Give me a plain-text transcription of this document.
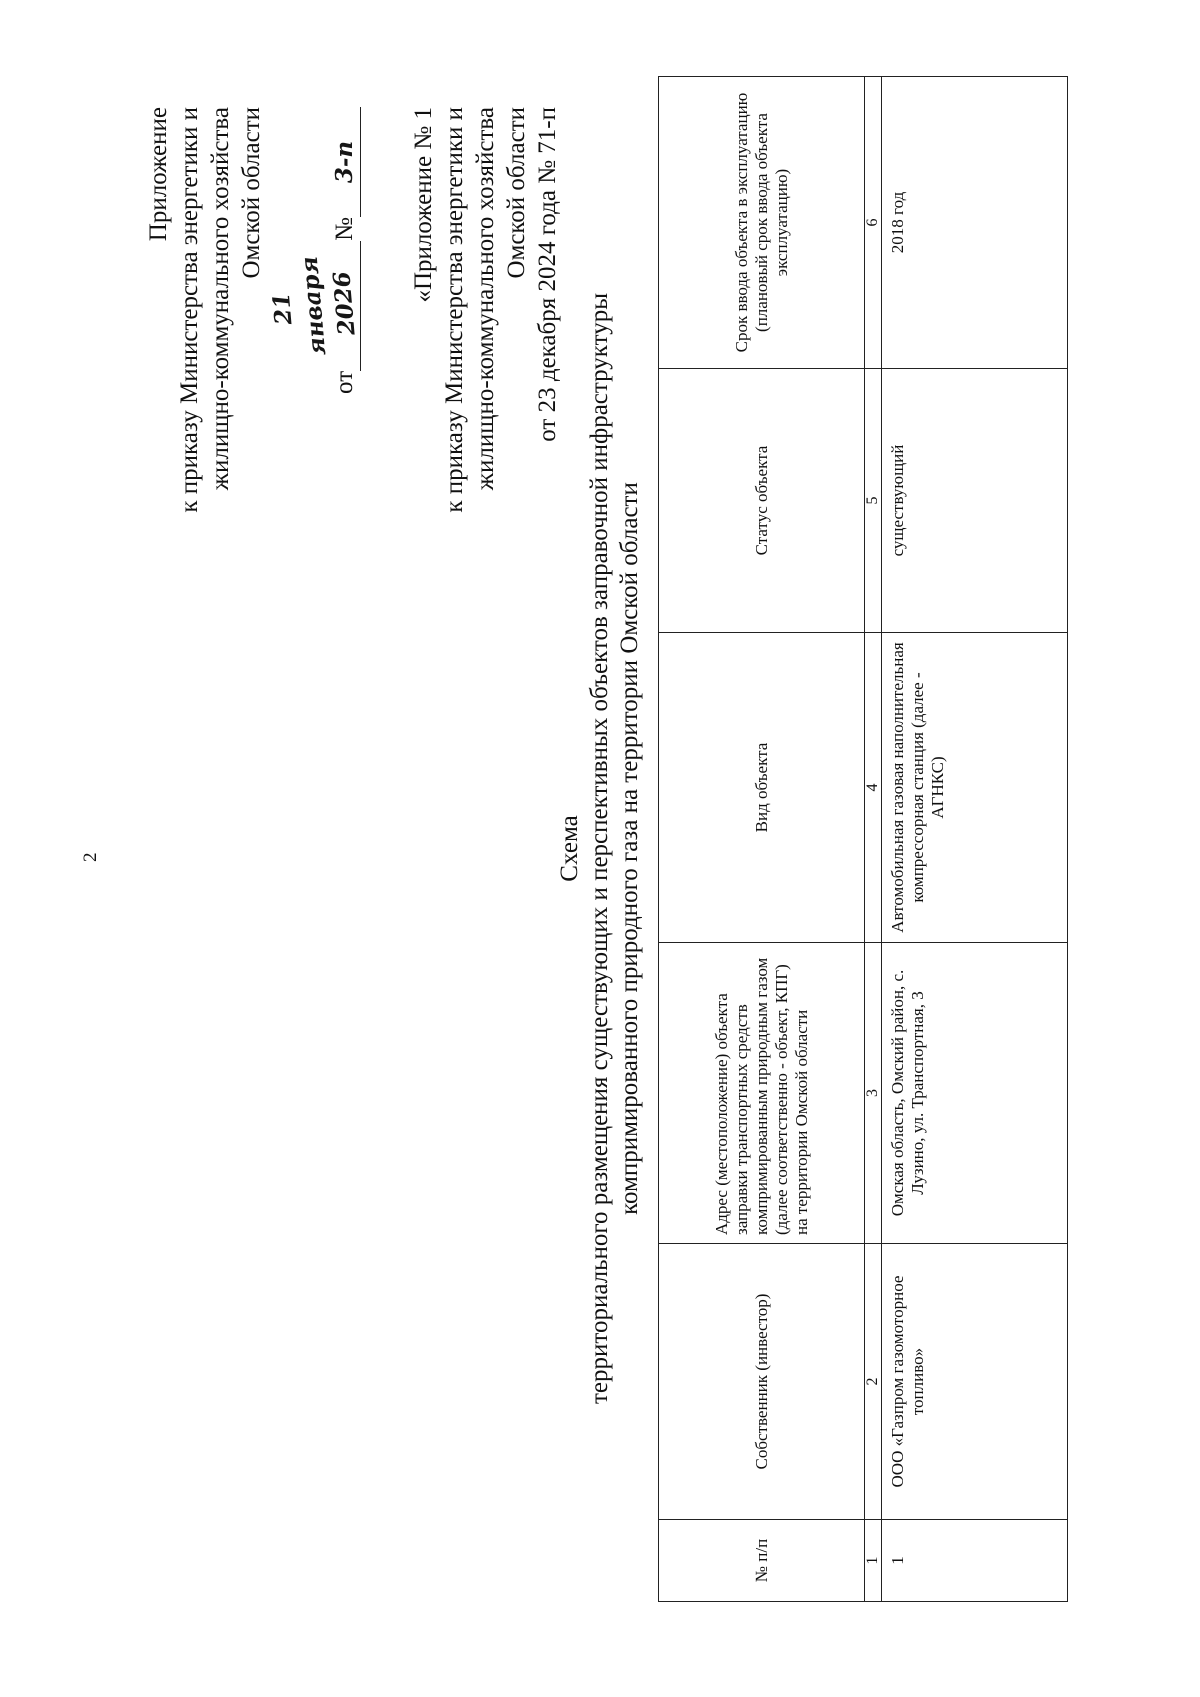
2
Приложение к приказу Министерства энергетики и жилищно-коммунального хозяйства Омской области
от21 января 2026№3-п «Приложение № 1 к приказу Министерства энергетики и жилищно-коммунального хозяйства Омской области от 23 декабря 2024 года № 71-п
Схема территориального размещения существующих и перспективных объектов заправочной инфраструктуры компримированного природного газа на территории Омской области
№ п/п	Собственник (инвестор)	Адрес (местоположение) объекта заправки транспортных средств компримированным природным газом (далее соответственно - объект, КПГ) на территории Омской области	Вид объекта	Статус объекта	Срок ввода объекта в эксплуатацию (плановый срок ввода объекта эксплуатацию)
1	2	3	4	5	6
1	ООО «Газпром газомоторное топливо»	Омская область, Омский район, с. Лузино, ул. Транспортная, 3	Автомобильная газовая наполнительная компрессорная станция (далее - АГНКС)	существующий	2018 год
